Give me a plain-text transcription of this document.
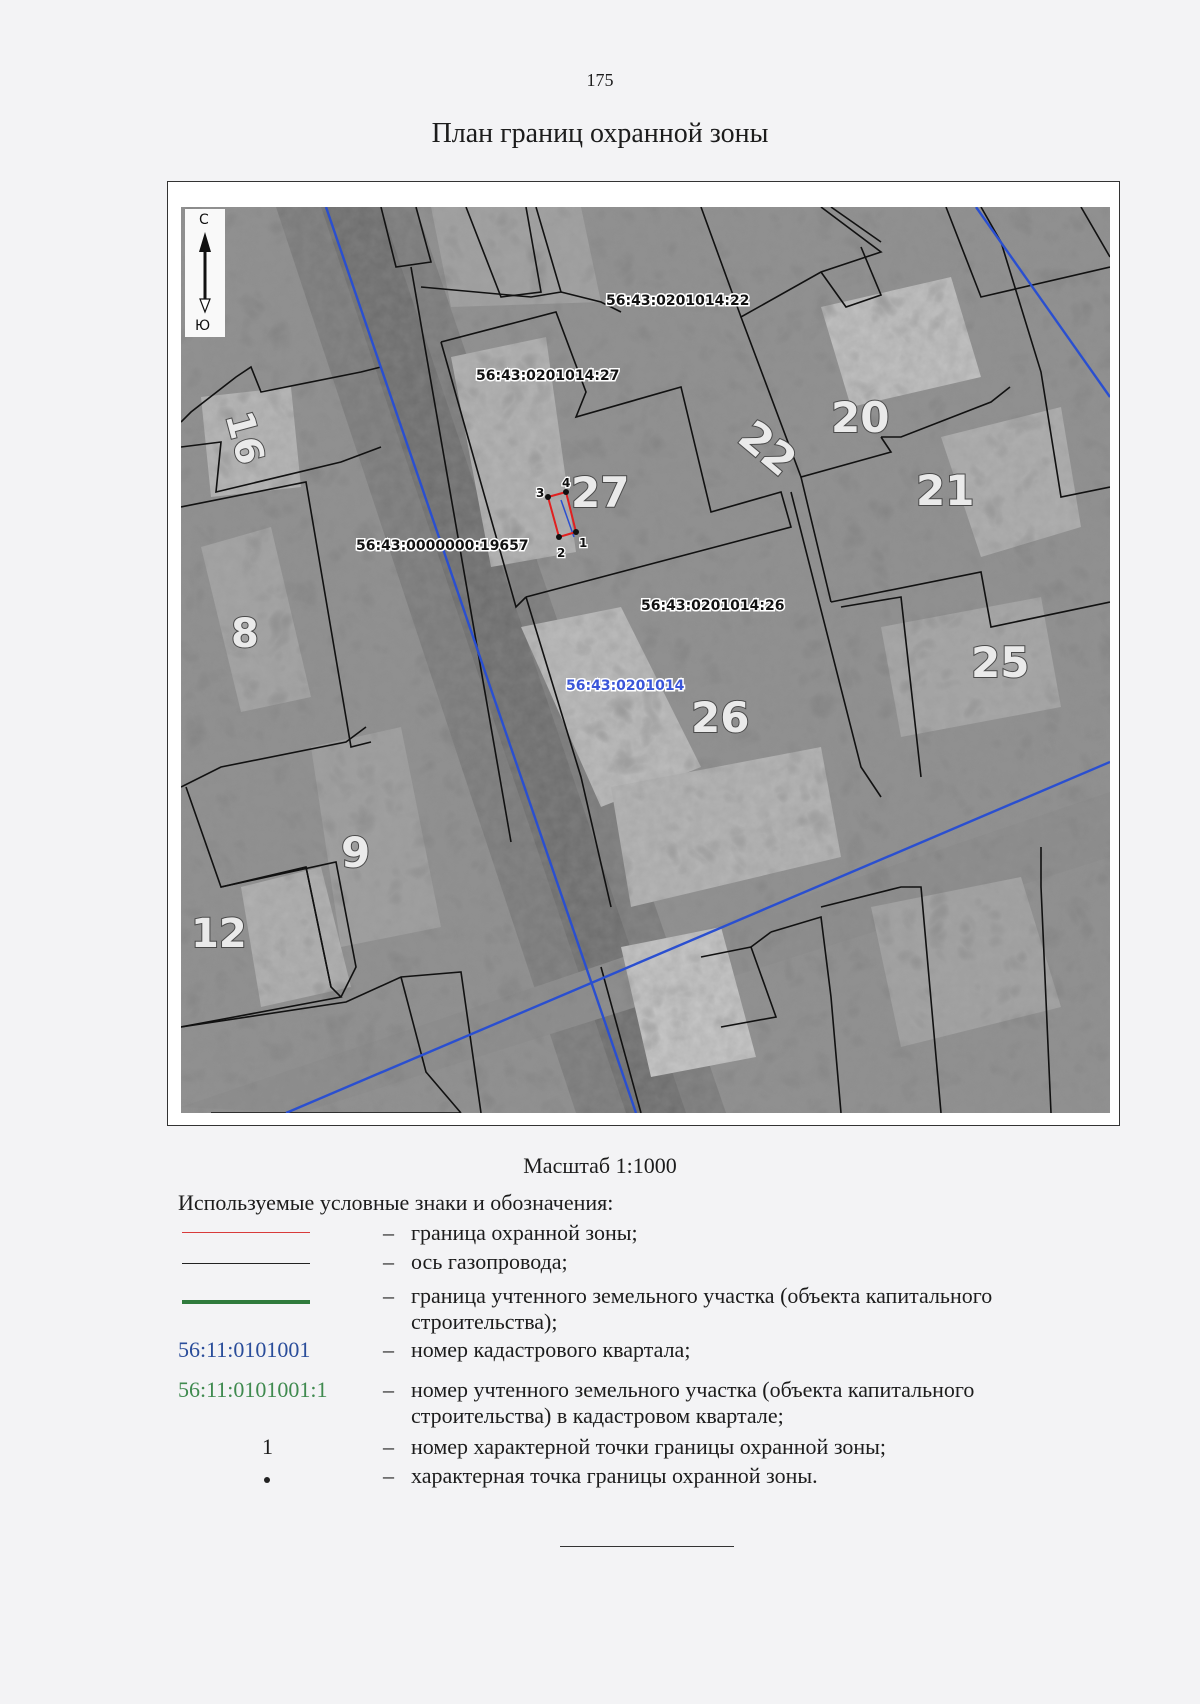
175
План границ охранной зоны
16
8
9
12
27
22 20
21
25
26
56:43:0201014:22
56:43:0201014:27
56:43:0000000:19657
56:43:0201014:26
56:43:0201014
1
2
3
4
С
Ю
Масштаб 1:1000
Используемые условные знаки и обозначения:
– граница охранной зоны;
– ось газопровода;
– граница учтенного земельного участка (объекта капитального строительства);
56:11:0101001	– номер кадастрового квартала;
56:11:0101001:1	– номер учтенного земельного участка (объекта капитального строительства) в кадастровом квартале;
1	– номер характерной точки границы охранной зоны;
– характерная точка границы охранной зоны.
